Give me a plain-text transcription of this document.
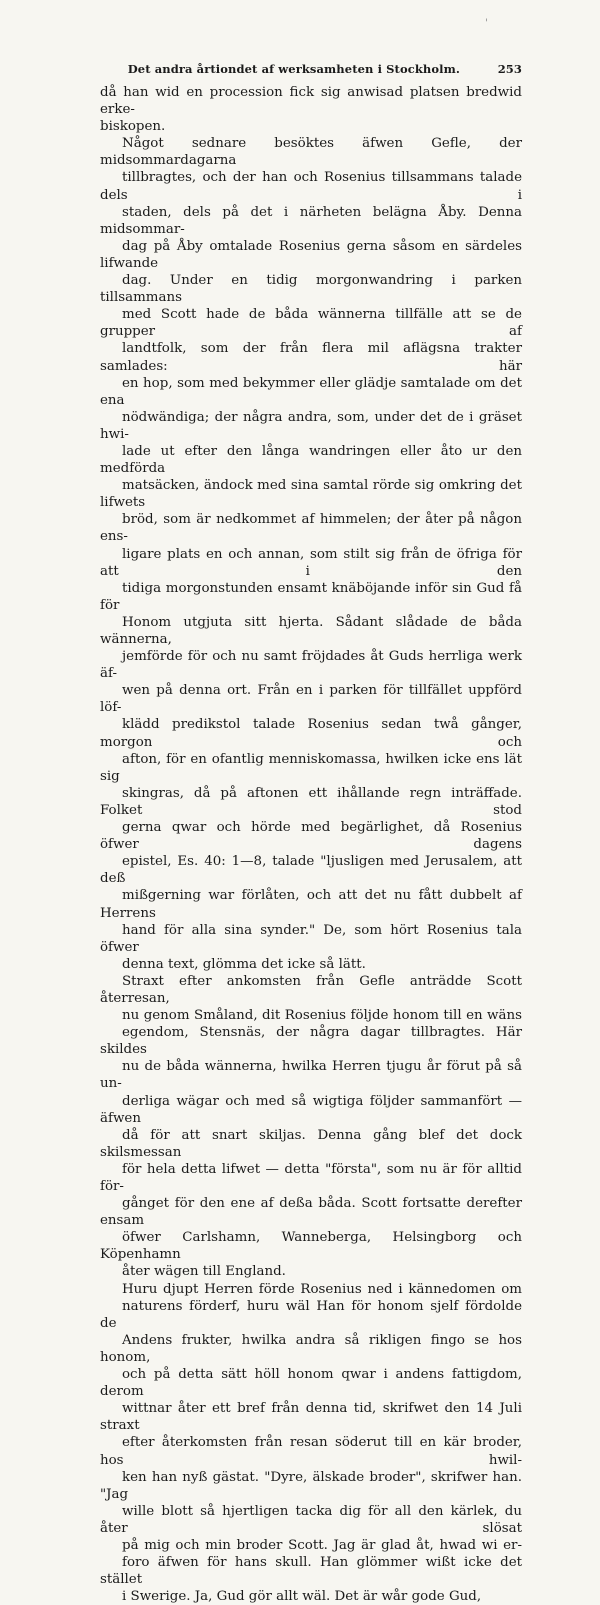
'
Det andra årtiondet af werksamheten i Stockholm.	253

då han wid en procession fick sig anwisad platsen bredwid erke-
biskopen.

Något sednare besöktes äfwen Gefle, der midsommardagarna
tillbragtes, och der han och Rosenius tillsammans talade dels i
staden, dels på det i närheten belägna Åby. Denna midsommar-
dag på Åby omtalade Rosenius gerna såsom en särdeles lifwande
dag. Under en tidig morgonwandring i parken tillsammans
med Scott hade de båda wännerna tillfälle att se de grupper af
landtfolk, som der från flera mil aflägsna trakter samlades: här
en hop, som med bekymmer eller glädje samtalade om det ena
nödwändiga; der några andra, som, under det de i gräset hwi-
lade ut efter den långa wandringen eller åto ur den medförda
matsäcken, ändock med sina samtal rörde sig omkring det lifwets
bröd, som är nedkommet af himmelen; der åter på någon ens-
ligare plats en och annan, som stilt sig från de öfriga för att i den
tidiga morgonstunden ensamt knäböjande inför sin Gud få för
Honom utgjuta sitt hjerta. Sådant slådade de båda wännerna,
jemförde för och nu samt fröjdades åt Guds herrliga werk äf-
wen på denna ort. Från en i parken för tillfället uppförd löf-
klädd predikstol talade Rosenius sedan twå gånger, morgon och
afton, för en ofantlig menniskomassa, hwilken icke ens lät sig
skingras, då på aftonen ett ihållande regn inträffade. Folket stod
gerna qwar och hörde med begärlighet, då Rosenius öfwer dagens
epistel, Es. 40: 1—8, talade "ljusligen med Jerusalem, att deß
mißgerning war förlåten, och att det nu fått dubbelt af Herrens
hand för alla sina synder." De, som hört Rosenius tala öfwer
denna text, glömma det icke så lätt.

Straxt efter ankomsten från Gefle anträdde Scott återresan,
nu genom Småland, dit Rosenius följde honom till en wäns
egendom, Stensnäs, der några dagar tillbragtes. Här skildes
nu de båda wännerna, hwilka Herren tjugu år förut på så un-
derliga wägar och med så wigtiga följder sammanfört — äfwen
då för att snart skiljas. Denna gång blef det dock skilsmessan
för hela detta lifwet — detta "första", som nu är för alltid för-
gånget för den ene af deßa båda. Scott fortsatte derefter ensam
öfwer Carlshamn, Wanneberga, Helsingborg och Köpenhamn
åter wägen till England.

Huru djupt Herren förde Rosenius ned i kännedomen om
naturens förderf, huru wäl Han för honom sjelf fördolde de
Andens frukter, hwilka andra så rikligen fingo se hos honom,
och på detta sätt höll honom qwar i andens fattigdom, derom
wittnar åter ett bref från denna tid, skrifwet den 14 Juli straxt
efter återkomsten från resan söderut till en kär broder, hos hwil-
ken han nyß gästat. "Dyre, älskade broder", skrifwer han. "Jag
wille blott så hjertligen tacka dig för all den kärlek, du åter slösat
på mig och min broder Scott. Jag är glad åt, hwad wi er-
foro äfwen för hans skull. Han glömmer wißt icke det stället
i Swerige. Ja, Gud gör allt wäl. Det är wår gode Gud,
